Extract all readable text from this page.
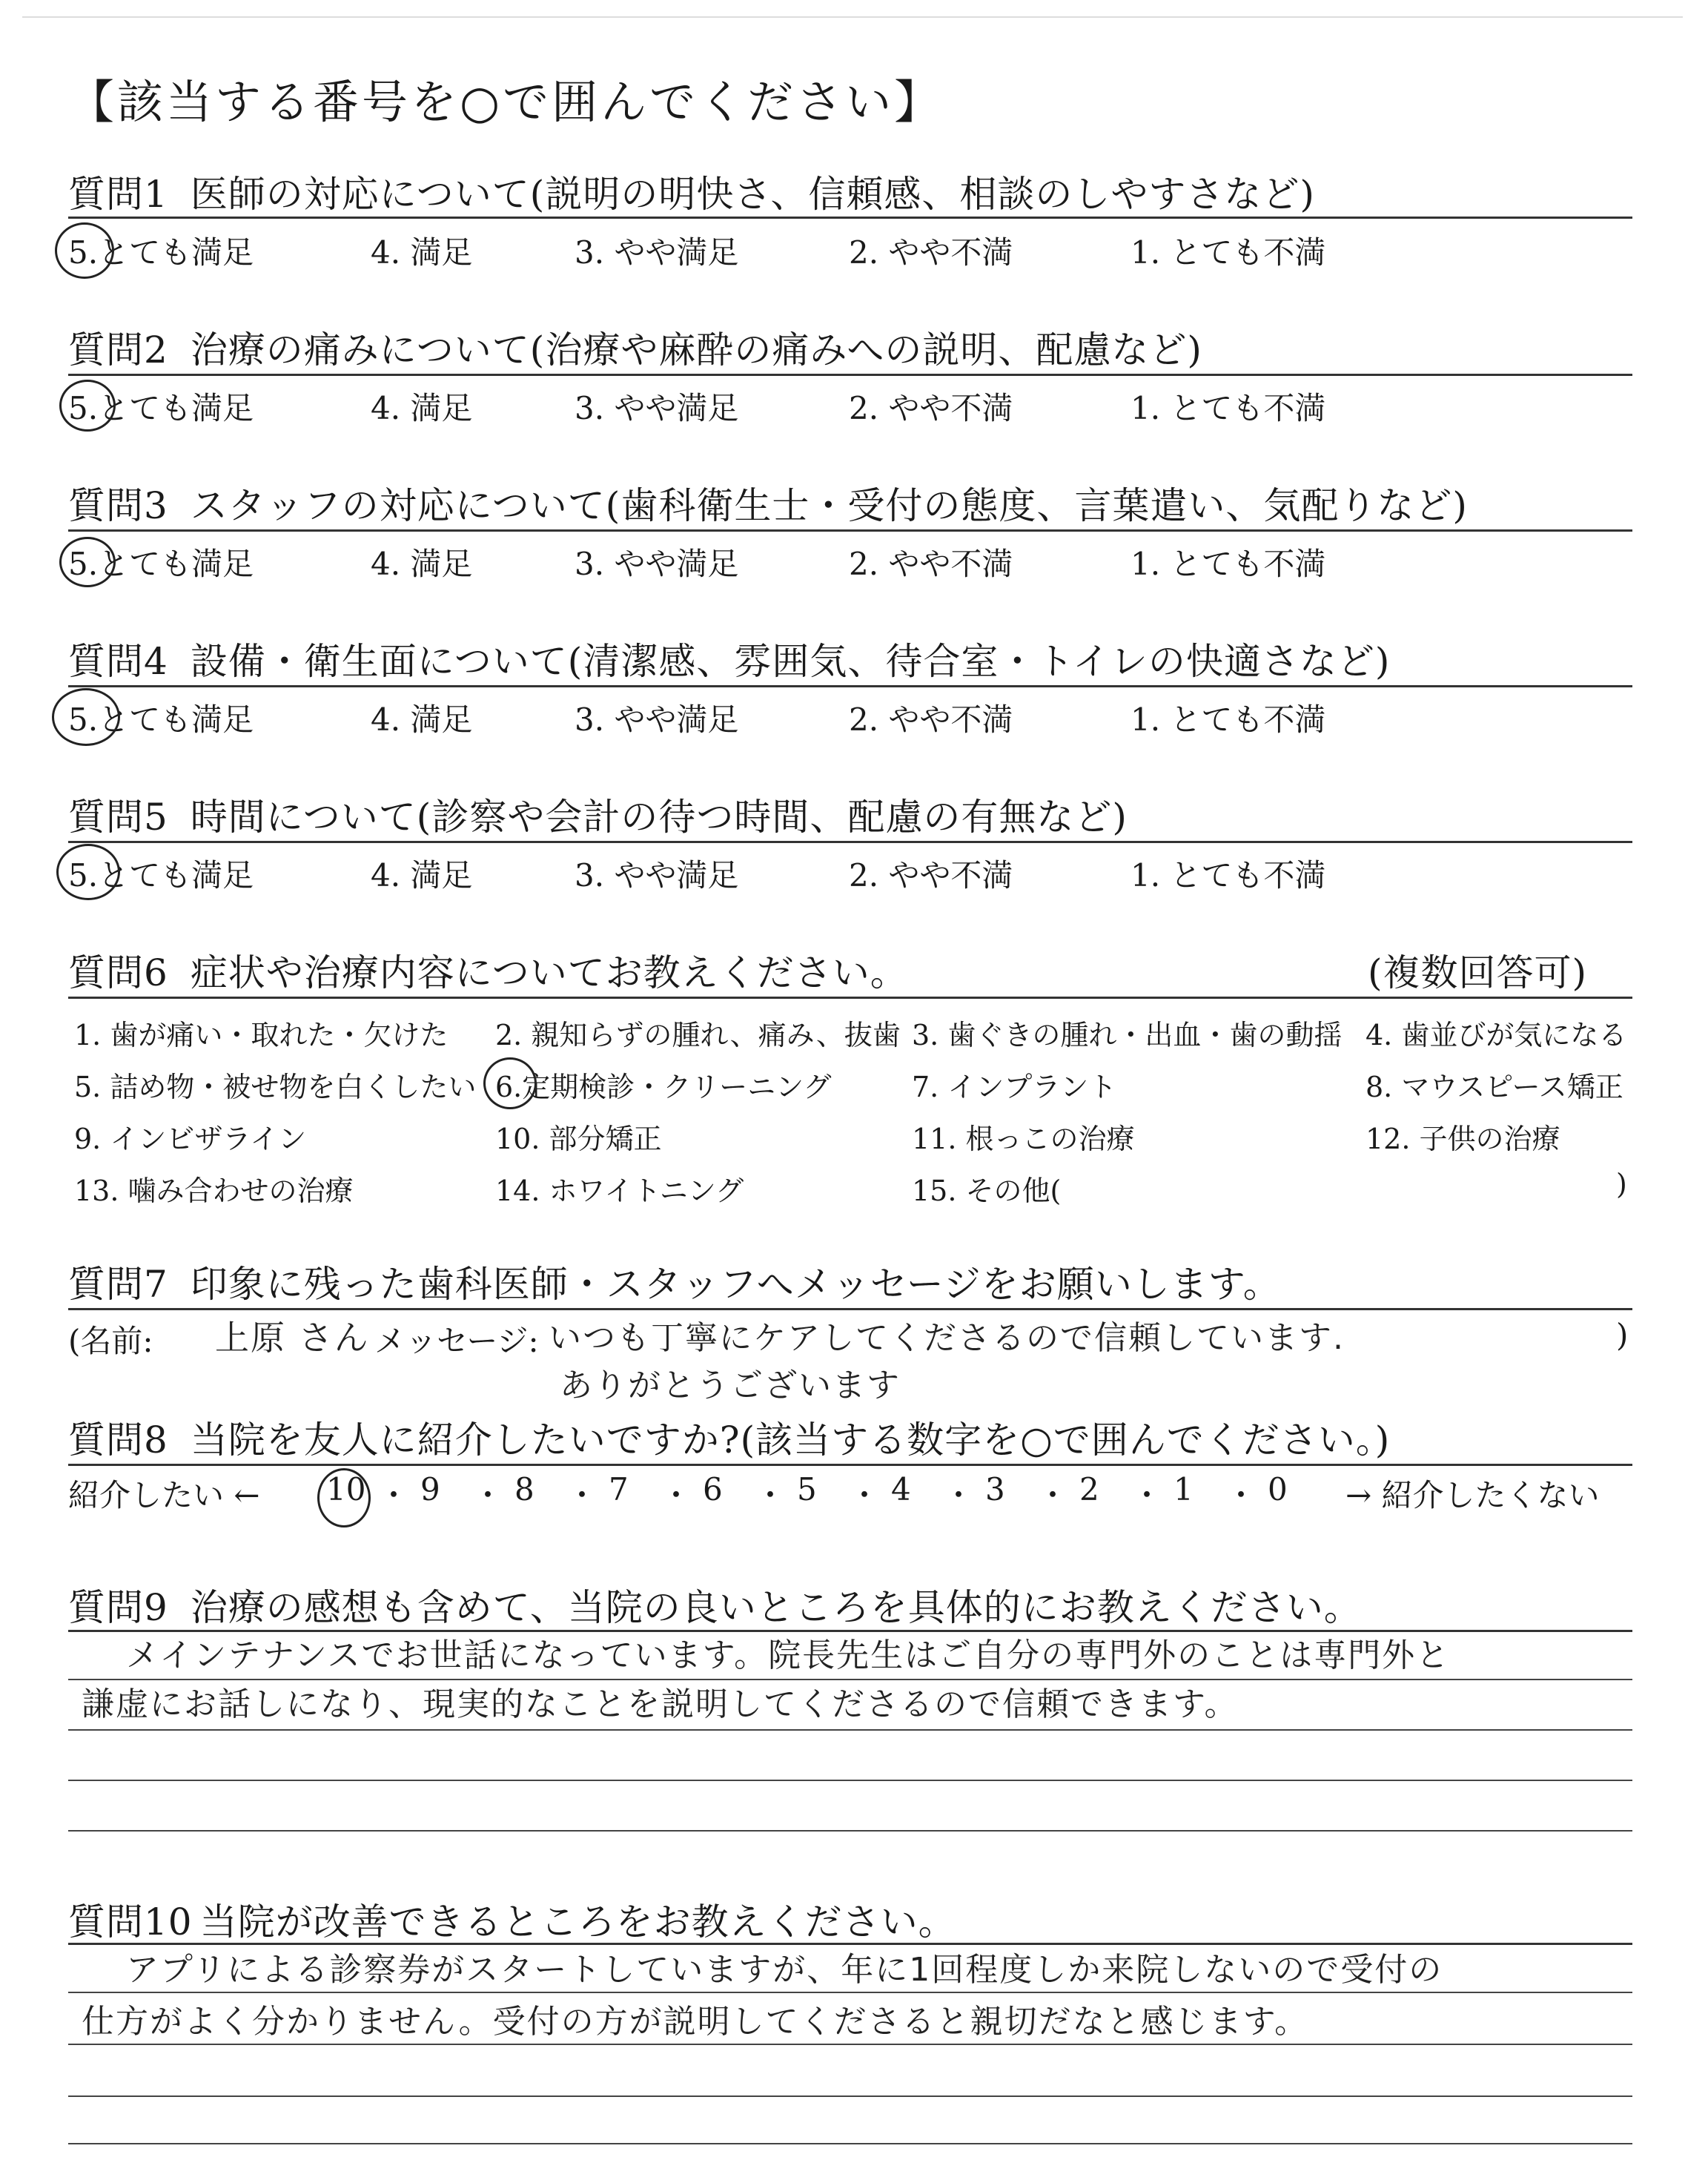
【該当する番号を○で囲んでください】
質問1 医師の対応について(説明の明快さ、信頼感、相談のしやすさなど)
5.とても満足	4. 満足	3. やや満足	2. やや不満	1. とても不満
質問2 治療の痛みについて(治療や麻酔の痛みへの説明、配慮など)
5.とても満足	4. 満足	3. やや満足	2. やや不満	1. とても不満
質問3 スタッフの対応について(歯科衛生士・受付の態度、言葉遣い、気配りなど)
5.とても満足	4. 満足	3. やや満足	2. やや不満	1. とても不満
質問4 設備・衛生面について(清潔感、雰囲気、待合室・トイレの快適さなど)
5.とても満足	4. 満足	3. やや満足	2. やや不満	1. とても不満
質問5 時間について(診察や会計の待つ時間、配慮の有無など)
5.とても満足	4. 満足	3. やや満足	2. やや不満	1. とても不満
質問6 症状や治療内容についてお教えください。	(複数回答可)
1. 歯が痛い・取れた・欠けた 2. 親知らずの腫れ、痛み、抜歯 3. 歯ぐきの腫れ・出血・歯の動揺 4. 歯並びが気になる
5. 詰め物・被せ物を白くしたい 6.定期検診・クリーニング	7. インプラント	8. マウスピース矯正
9. インビザライン	10. 部分矯正	11. 根っこの治療	12. 子供の治療
13. 噛み合わせの治療	14. ホワイトニング	15. その他(	)
質問7 印象に残った歯科医師・スタッフへメッセージをお願いします。
(名前: 上原 さん メッセージ: いつも丁寧にケアしてくださるので信頼しています.
ありがとうございます
)
質問8 当院を友人に紹介したいですか?(該当する数字を○で囲んでください。)
紹介したい ← 10 ・ 9 ・ 8 ・ 7 ・ 6 ・ 5 ・ 4 ・ 3 ・ 2 ・ 1 ・ 0 → 紹介したくない
質問9 治療の感想も含めて、当院の良いところを具体的にお教えください。
メインテナンスでお世話になっています。院長先生はご自分の専門外のことは専門外と
謙虚にお話しになり、現実的なことを説明してくださるので信頼できます。
質問10 当院が改善できるところをお教えください。
アプリによる診察券がスタートしていますが、年に1回程度しか来院しないので受付の
仕方がよく分かりません。受付の方が説明してくださると親切だなと感じます。
